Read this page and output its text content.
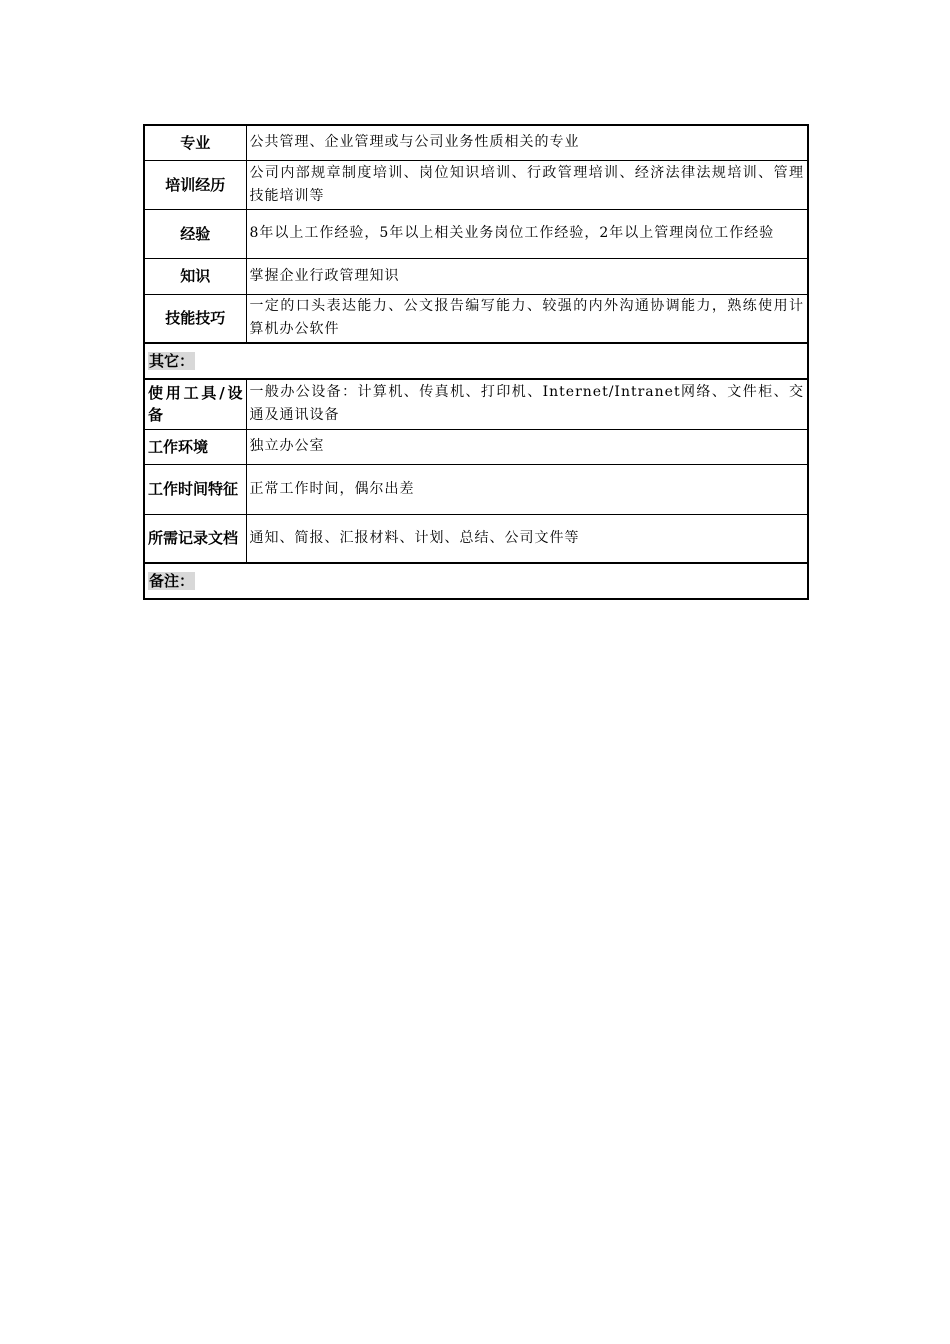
专业	公共管理、企业管理或与公司业务性质相关的专业
培训经历	公司内部规章制度培训、岗位知识培训、行政管理培训、经济法律法规培训、管理技能培训等
经验	8年以上工作经验，5年以上相关业务岗位工作经验，2年以上管理岗位工作经验
知识	掌握企业行政管理知识
技能技巧	一定的口头表达能力、公文报告编写能力、较强的内外沟通协调能力，熟练使用计算机办公软件
其它：	
使用工具/设备	一般办公设备：计算机、传真机、打印机、Internet/Intranet网络、文件柜、交通及通讯设备
工作环境	独立办公室
工作时间特征	正常工作时间，偶尔出差
所需记录文档	通知、简报、汇报材料、计划、总结、公司文件等
备注：	
